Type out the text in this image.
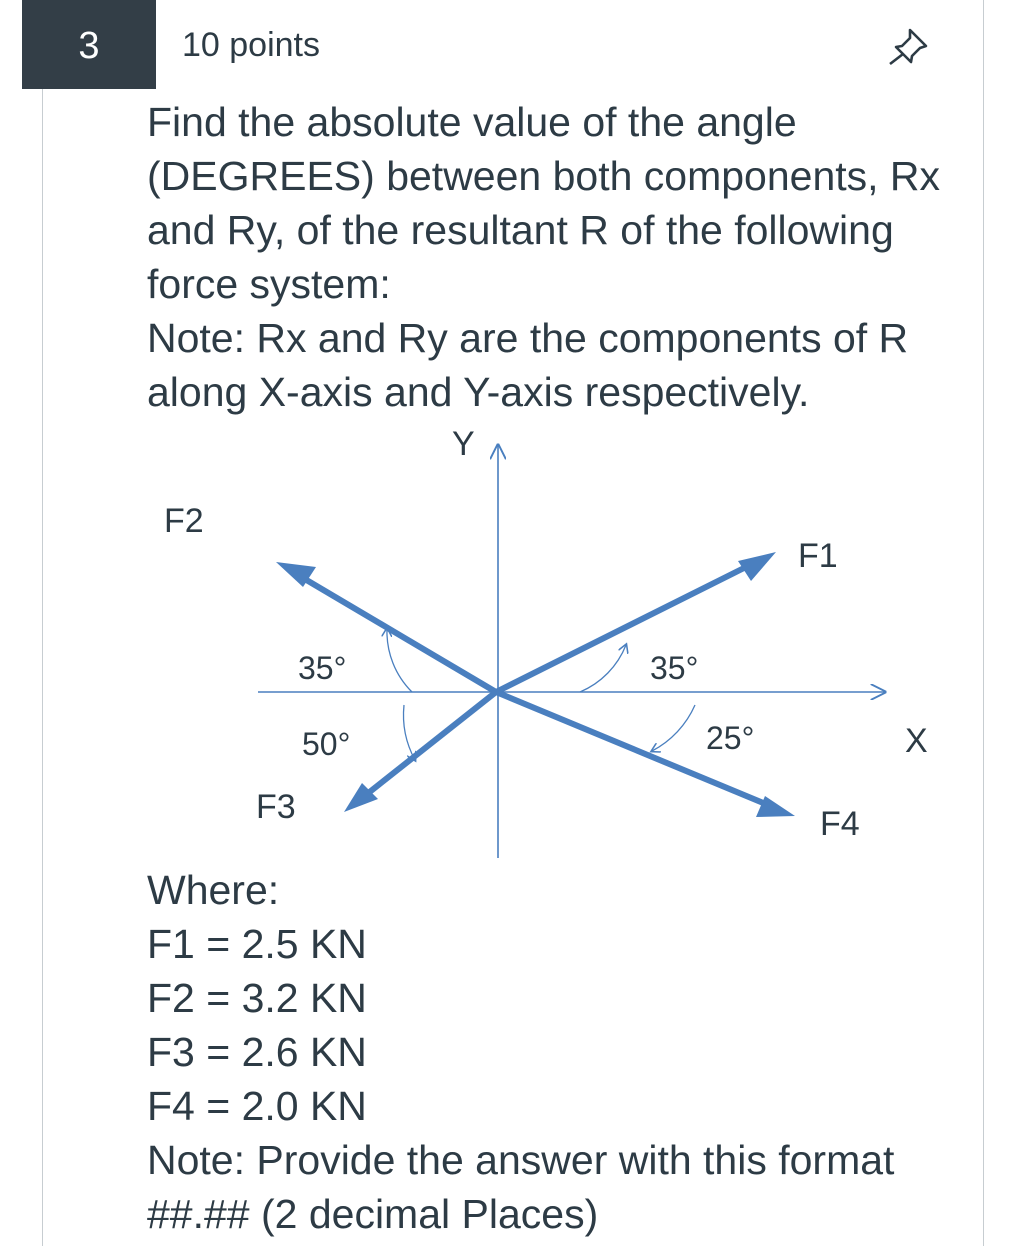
3	10 points

Find the absolute value of the angle (DEGREES) between both components, Rx and Ry, of the resultant R of the following force system:

Note: Rx and Ry are the components of R along X-axis and Y-axis respectively.

Y
X
35°	35°
50°	25°
F1
F2
F3	F4
Where:
F1 = 2.5 KN
F2 = 3.2 KN
F3 = 2.6 KN
F4 = 2.0 KN
Note: Provide the answer with this format ##.## (2 decimal Places)
